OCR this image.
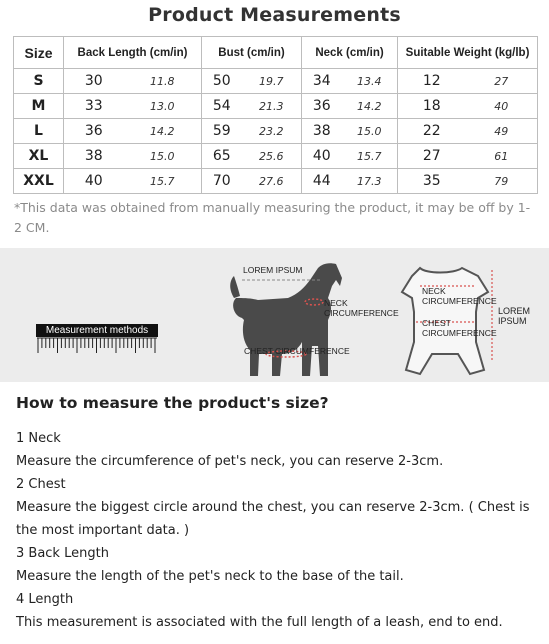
Product Measurements
Size	Back Length (cm/in)		Bust (cm/in)		Neck (cm/in)		Suitable Weight (kg/lb)	
S	30	11.8	50	19.7	34	13.4	12	27
M	33	13.0	54	21.3	36	14.2	18	40
L	36	14.2	59	23.2	38	15.0	22	49
XL	38	15.0	65	25.6	40	15.7	27	61
XXL	40	15.7	70	27.6	44	17.3	35	79
*This data was obtained from manually measuring the product, it may be off by 1-2 CM.
Measurement methods
LOREM IPSUM
NECK
CIRCUMFERENCE
CHEST CIRCUMFERENCE
NECK
CIRCUMFERENCE
CHEST
CIRCUMFERENCE
LOREM
IPSUM
How to measure the product's size?

1 Neck

Measure the circumference of pet's neck, you can reserve 2-3cm.

2 Chest

Measure the biggest circle around the chest, you can reserve 2-3cm. ( Chest is the most important data. )

3 Back Length

Measure the length of the pet's neck to the base of the tail.

4 Length

This measurement is associated with the full length of a leash, end to end.
